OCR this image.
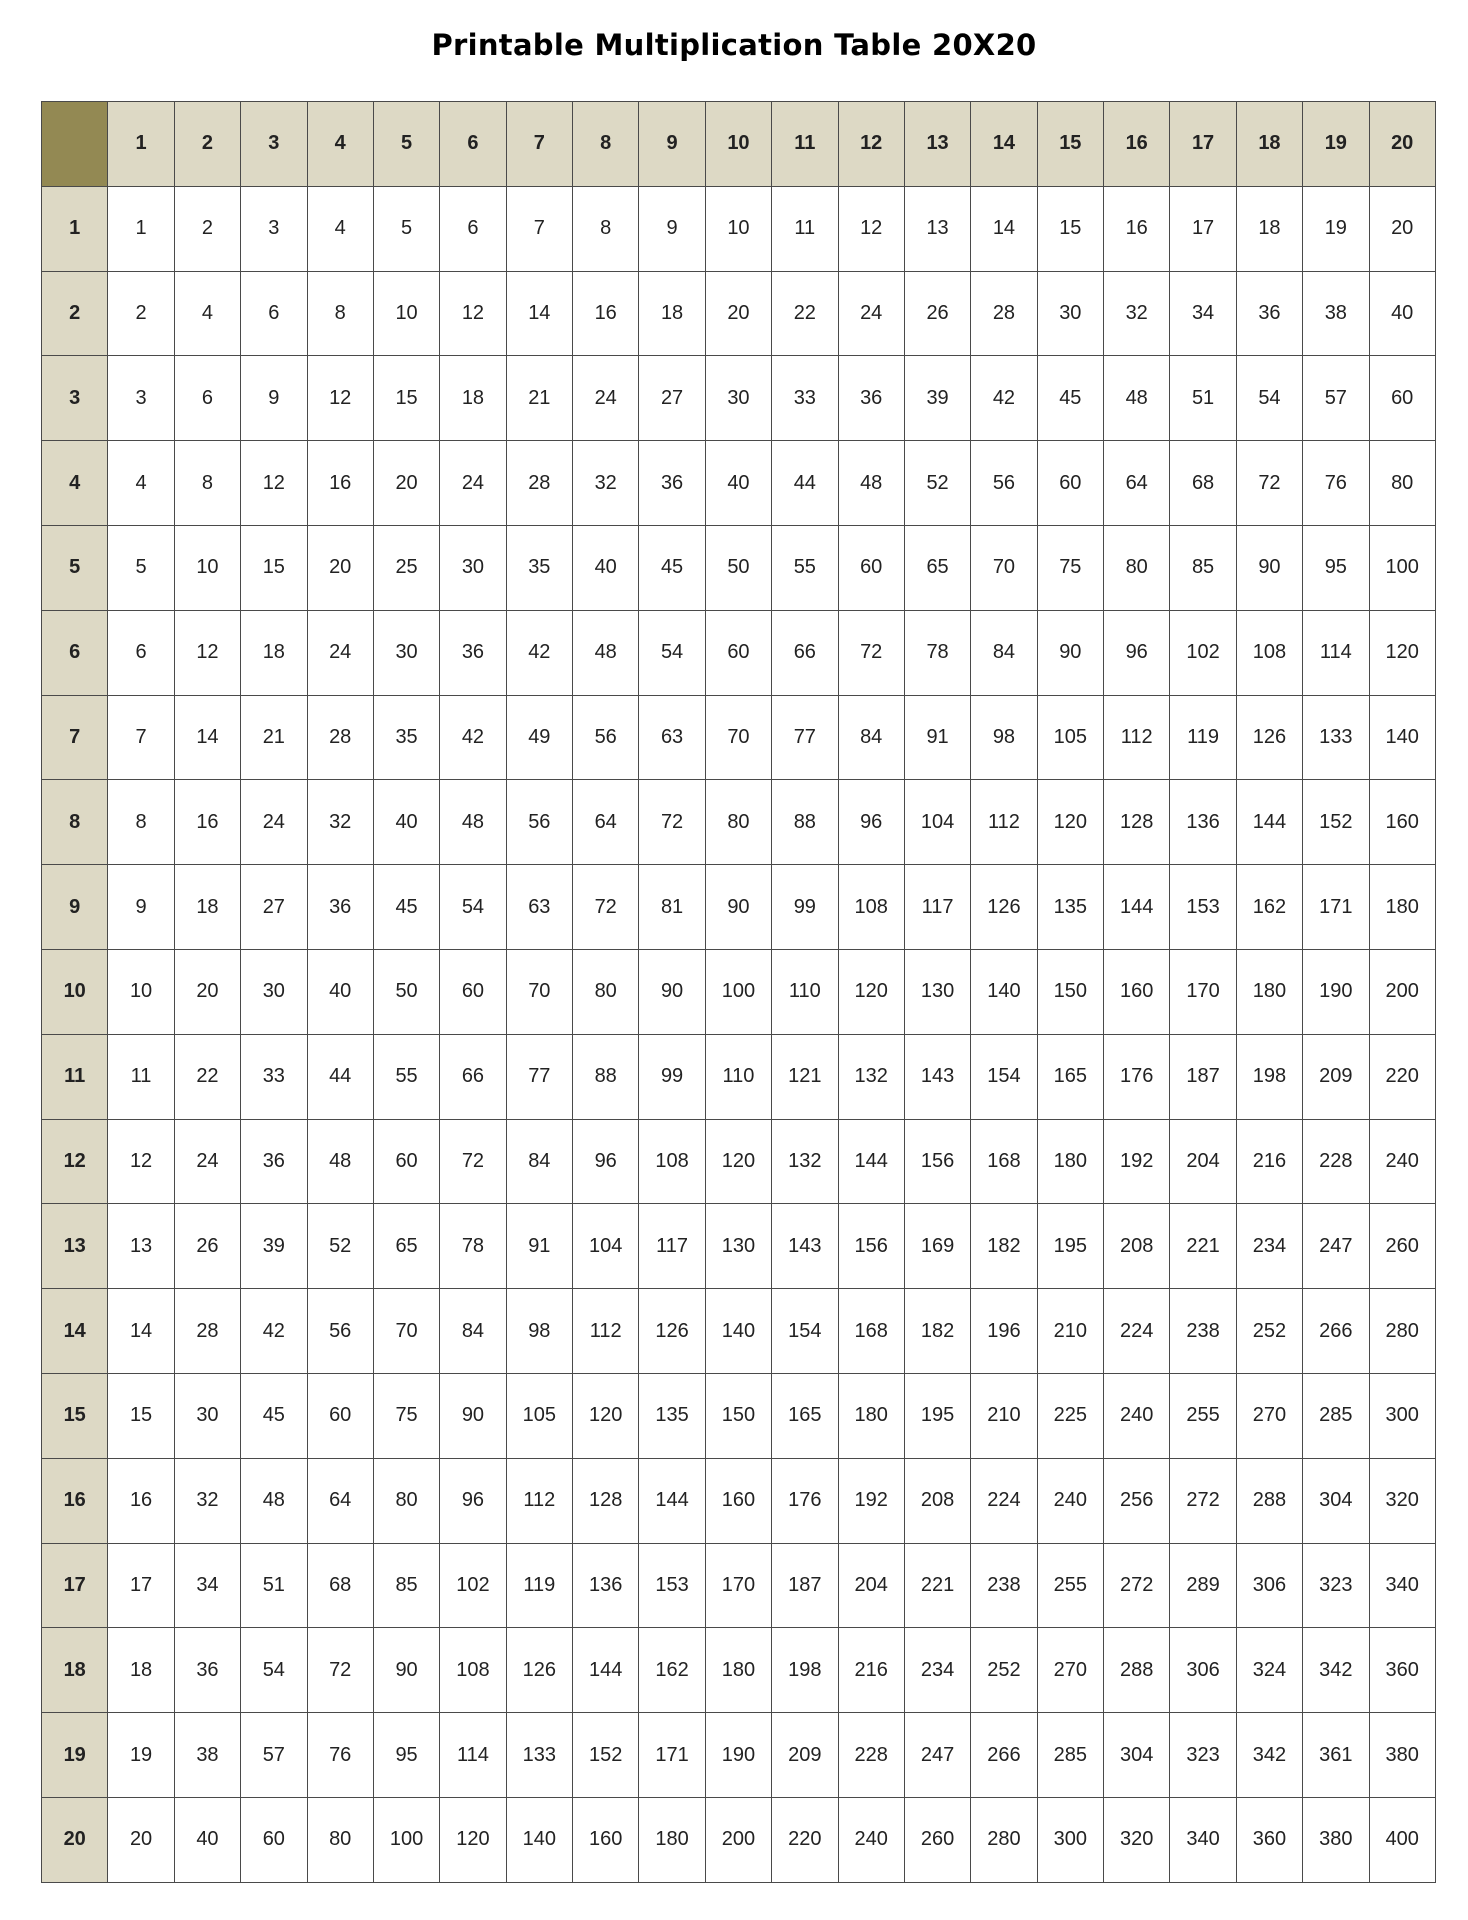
Printable Multiplication Table 20X20
	1	2	3	4	5	6	7	8	9	10	11	12	13	14	15	16	17	18	19	20
1	1	2	3	4	5	6	7	8	9	10	11	12	13	14	15	16	17	18	19	20
2	2	4	6	8	10	12	14	16	18	20	22	24	26	28	30	32	34	36	38	40
3	3	6	9	12	15	18	21	24	27	30	33	36	39	42	45	48	51	54	57	60
4	4	8	12	16	20	24	28	32	36	40	44	48	52	56	60	64	68	72	76	80
5	5	10	15	20	25	30	35	40	45	50	55	60	65	70	75	80	85	90	95	100
6	6	12	18	24	30	36	42	48	54	60	66	72	78	84	90	96	102	108	114	120
7	7	14	21	28	35	42	49	56	63	70	77	84	91	98	105	112	119	126	133	140
8	8	16	24	32	40	48	56	64	72	80	88	96	104	112	120	128	136	144	152	160
9	9	18	27	36	45	54	63	72	81	90	99	108	117	126	135	144	153	162	171	180
10	10	20	30	40	50	60	70	80	90	100	110	120	130	140	150	160	170	180	190	200
11	11	22	33	44	55	66	77	88	99	110	121	132	143	154	165	176	187	198	209	220
12	12	24	36	48	60	72	84	96	108	120	132	144	156	168	180	192	204	216	228	240
13	13	26	39	52	65	78	91	104	117	130	143	156	169	182	195	208	221	234	247	260
14	14	28	42	56	70	84	98	112	126	140	154	168	182	196	210	224	238	252	266	280
15	15	30	45	60	75	90	105	120	135	150	165	180	195	210	225	240	255	270	285	300
16	16	32	48	64	80	96	112	128	144	160	176	192	208	224	240	256	272	288	304	320
17	17	34	51	68	85	102	119	136	153	170	187	204	221	238	255	272	289	306	323	340
18	18	36	54	72	90	108	126	144	162	180	198	216	234	252	270	288	306	324	342	360
19	19	38	57	76	95	114	133	152	171	190	209	228	247	266	285	304	323	342	361	380
20	20	40	60	80	100	120	140	160	180	200	220	240	260	280	300	320	340	360	380	400
